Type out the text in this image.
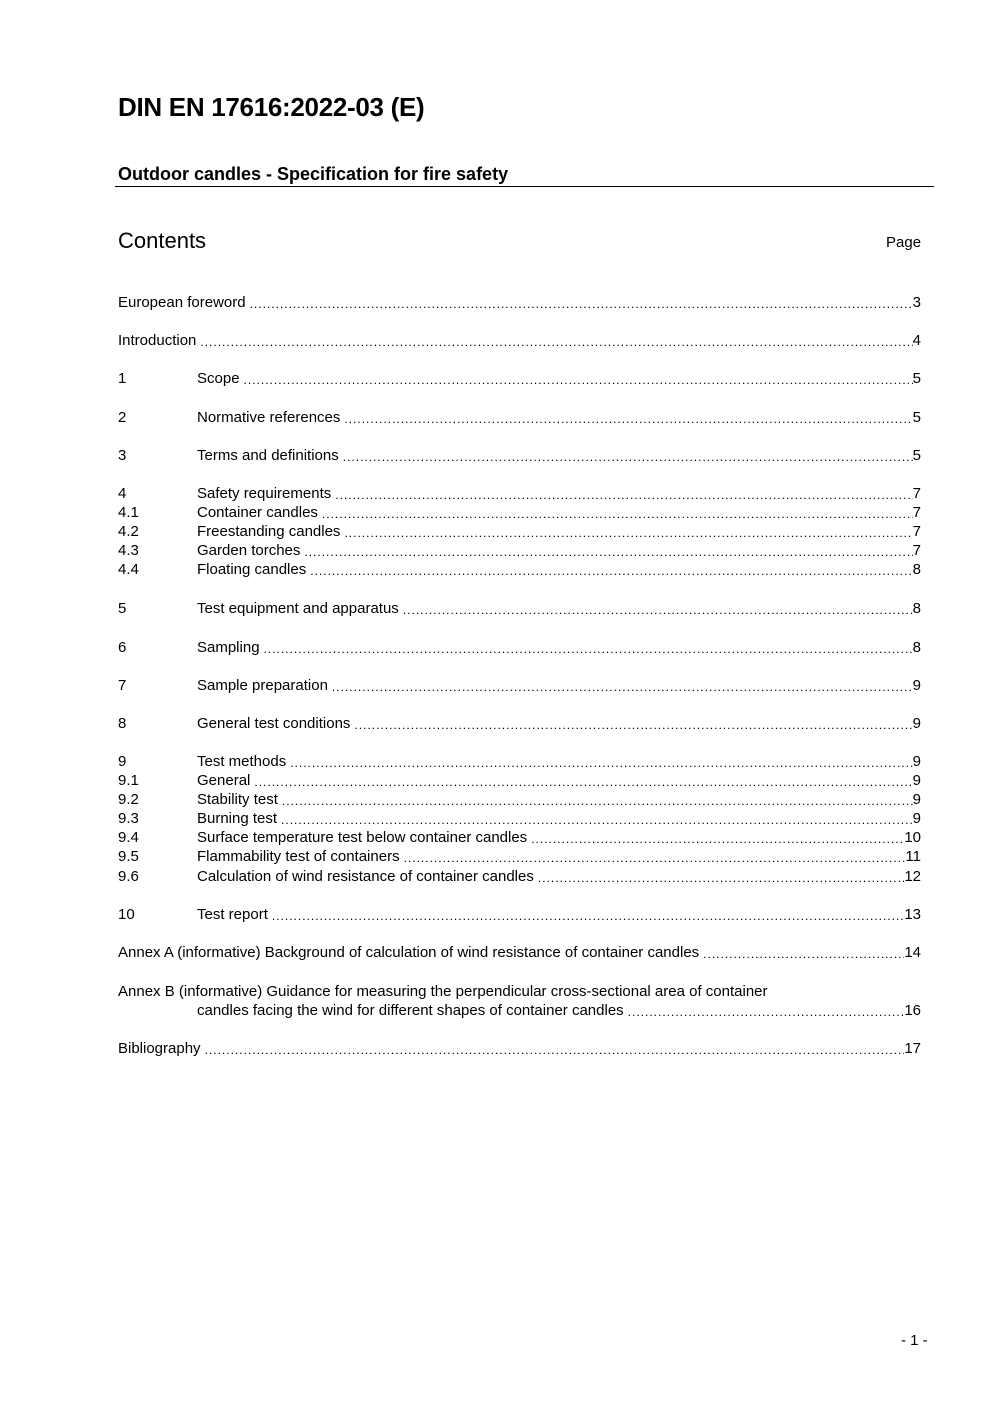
DIN EN 17616:2022-03 (E)
Outdoor candles - Specification for fire safety
Contents	Page
European foreword .....	3
Introduction .....	4
1	Scope .....	5
2	Normative references .....	5
3	Terms and definitions .....	5
4	Safety requirements .....	7
4.1	Container candles .....	7
4.2	Freestanding candles .....	7
4.3	Garden torches .....	7
4.4	Floating candles .....	8
5	Test equipment and apparatus .....	8
6	Sampling .....	8
7	Sample preparation .....	9
8	General test conditions .....	9
9	Test methods .....	9
9.1	General .....	9
9.2	Stability test .....	9
9.3	Burning test .....	9
9.4	Surface temperature test below container candles .....	10
9.5	Flammability test of containers .....	11
9.6	Calculation of wind resistance of container candles .....	12
10	Test report .....	13
Annex A (informative) Background of calculation of wind resistance of container candles .....	14
Annex B (informative) Guidance for measuring the perpendicular cross-sectional area of container
candles facing the wind for different shapes of container candles .....	16
Bibliography .....	17
- 1 -
